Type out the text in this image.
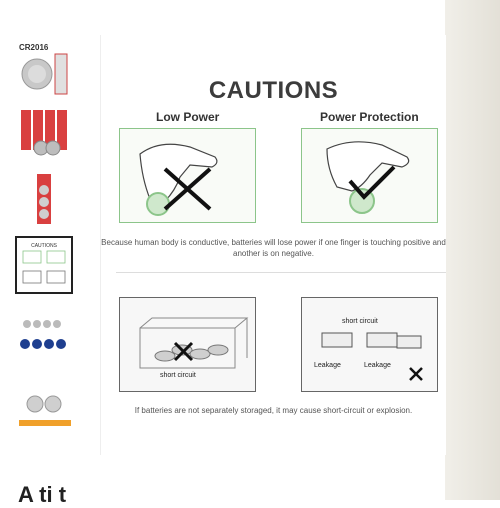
CR2016
CAUTIONS
CAUTIONS
Low Power	Power Protection
Because human body is conductive, batteries will lose power if one finger is touching positive and another is on negative.
short circuit
short circuit
Leakage	Leakage
If batteries are not separately storaged, it may cause short-circuit or explosion.
A ti t
